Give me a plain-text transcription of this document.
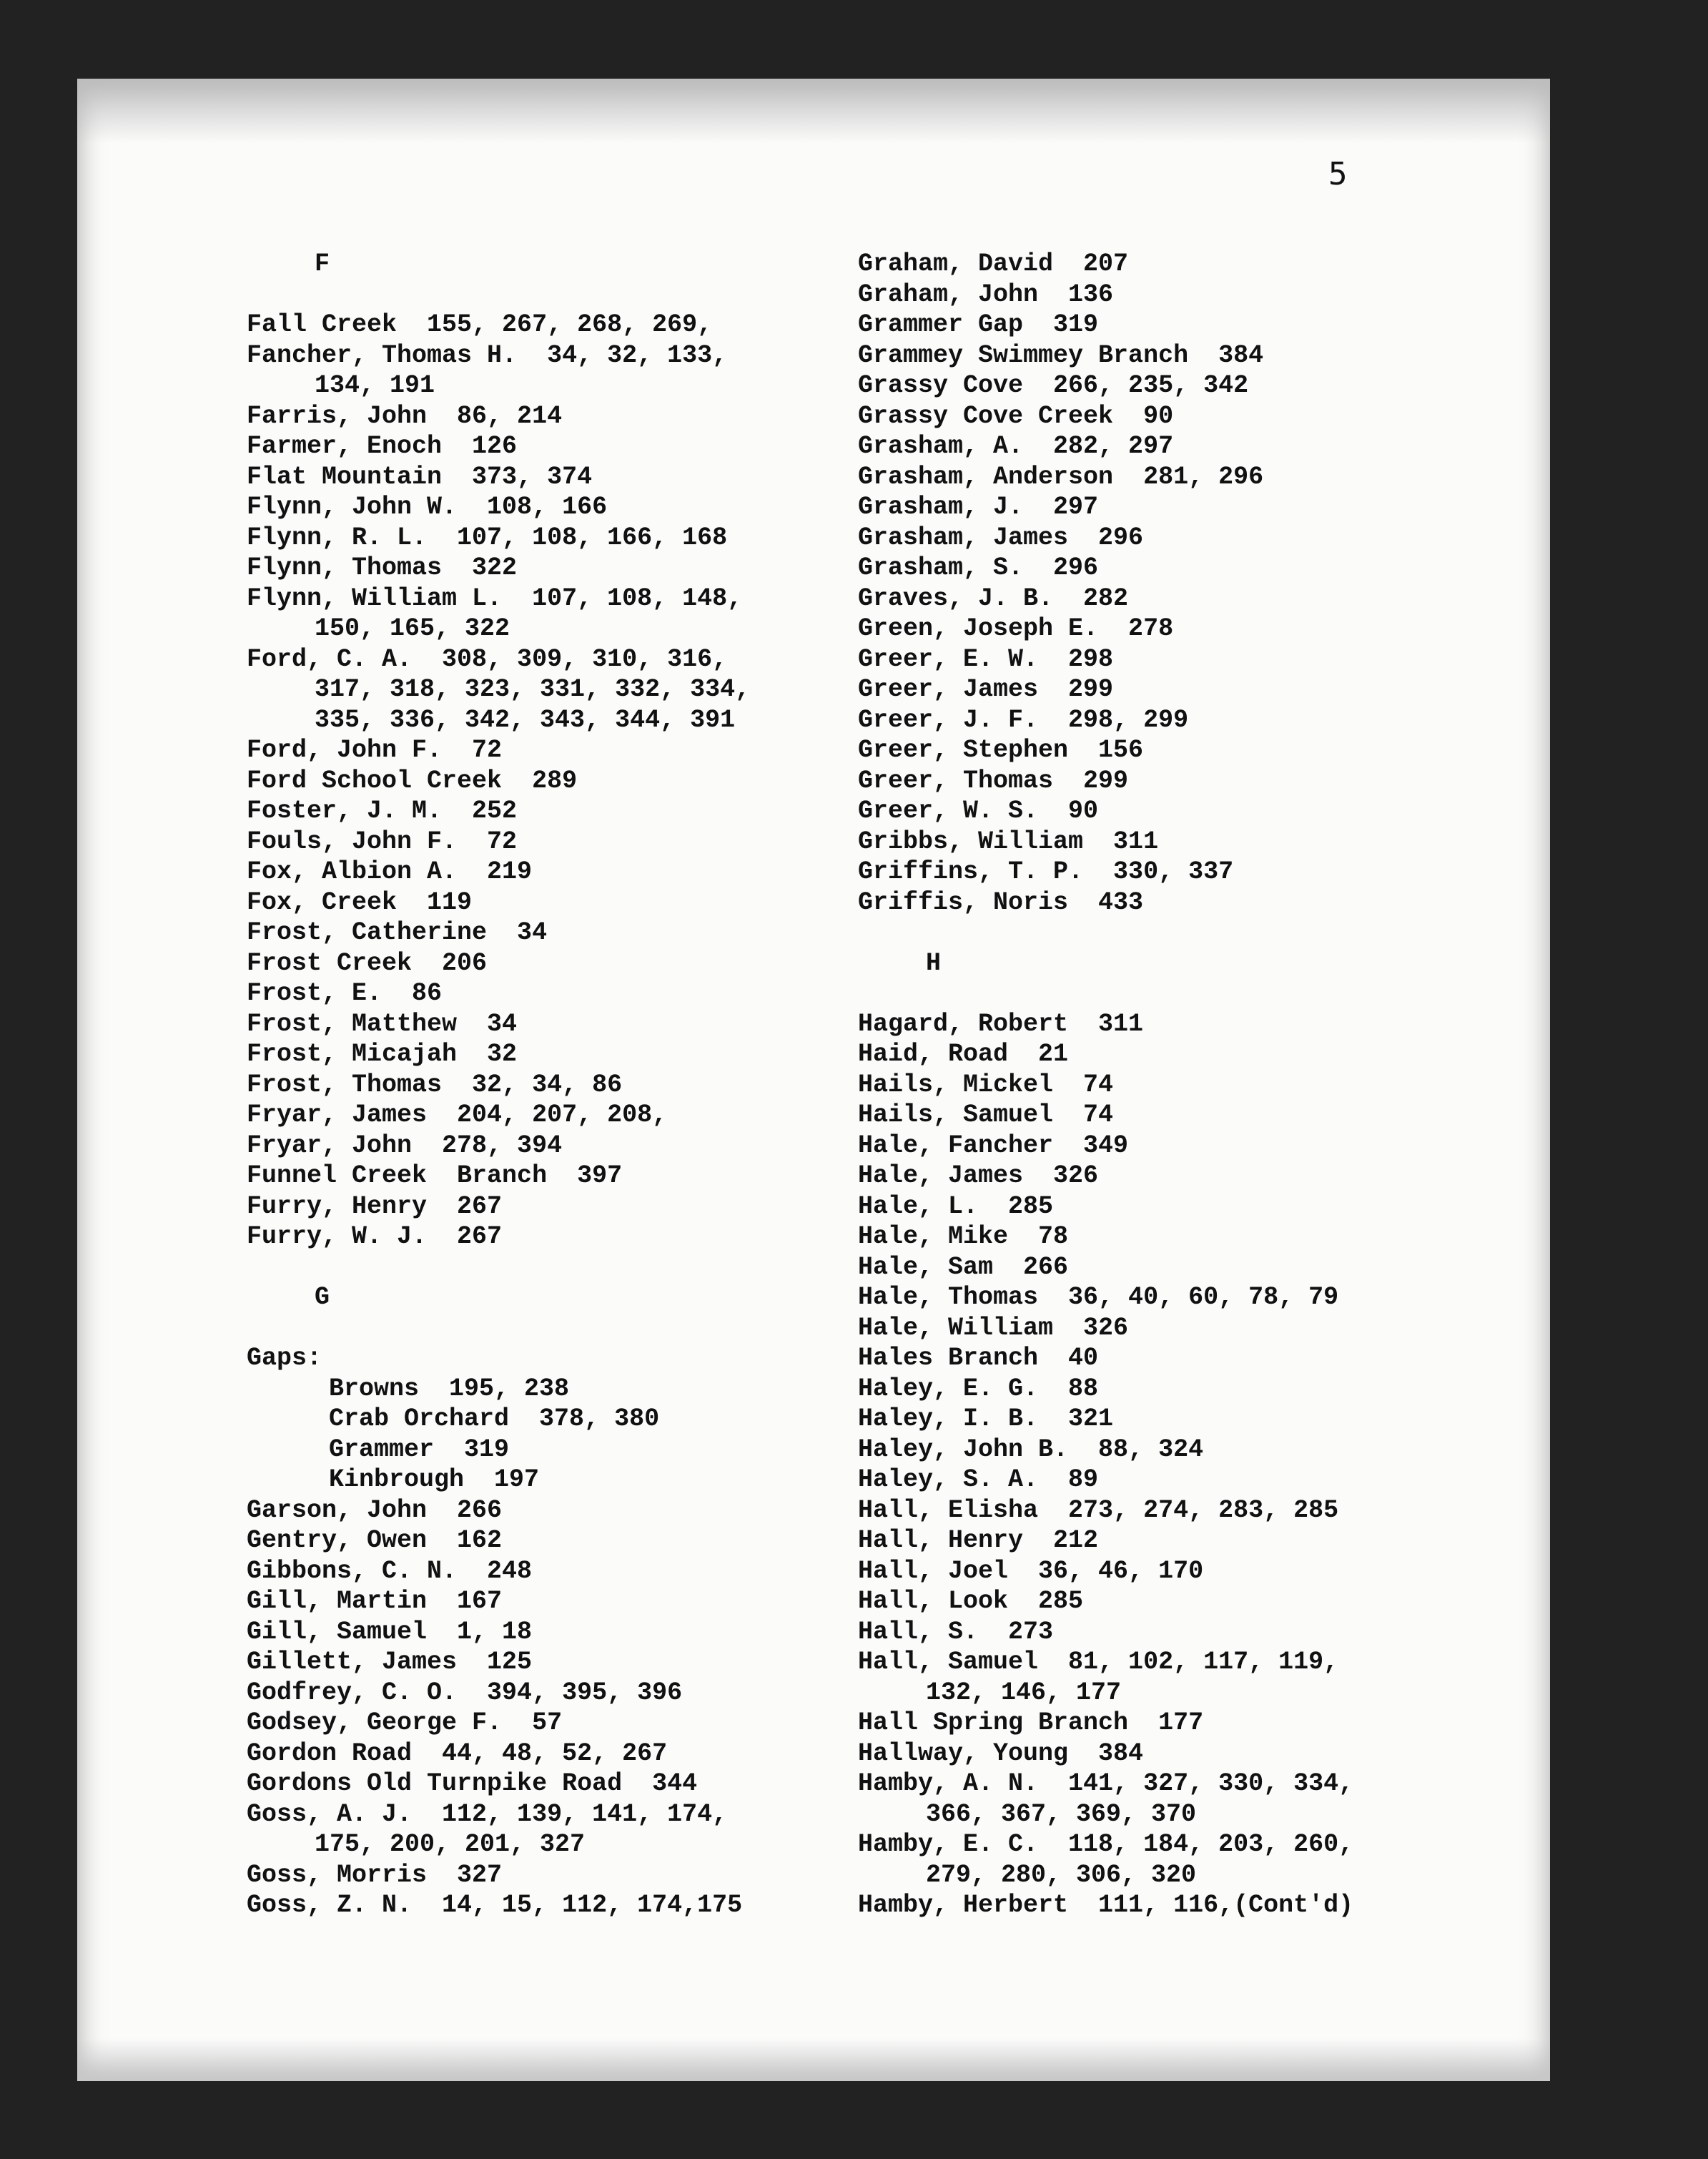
5
F
Fall Creek  155, 267, 268, 269,
Fancher, Thomas H.  34, 32, 133,
134, 191
Farris, John  86, 214
Farmer, Enoch  126
Flat Mountain  373, 374
Flynn, John W.  108, 166
Flynn, R. L.  107, 108, 166, 168
Flynn, Thomas  322
Flynn, William L.  107, 108, 148,
150, 165, 322
Ford, C. A.  308, 309, 310, 316,
317, 318, 323, 331, 332, 334,
335, 336, 342, 343, 344, 391
Ford, John F.  72
Ford School Creek  289
Foster, J. M.  252
Fouls, John F.  72
Fox, Albion A.  219
Fox, Creek  119
Frost, Catherine  34
Frost Creek  206
Frost, E.  86
Frost, Matthew  34
Frost, Micajah  32
Frost, Thomas  32, 34, 86
Fryar, James  204, 207, 208,
Fryar, John  278, 394
Funnel Creek  Branch  397
Furry, Henry  267
Furry, W. J.  267
G
Gaps:
Browns  195, 238
Crab Orchard  378, 380
Grammer  319
Kinbrough  197
Garson, John  266
Gentry, Owen  162
Gibbons, C. N.  248
Gill, Martin  167
Gill, Samuel  1, 18
Gillett, James  125
Godfrey, C. O.  394, 395, 396
Godsey, George F.  57
Gordon Road  44, 48, 52, 267
Gordons Old Turnpike Road  344
Goss, A. J.  112, 139, 141, 174,
175, 200, 201, 327
Goss, Morris  327
Goss, Z. N.  14, 15, 112, 174,175
Graham, David  207
Graham, John  136
Grammer Gap  319
Grammey Swimmey Branch  384
Grassy Cove  266, 235, 342
Grassy Cove Creek  90
Grasham, A.  282, 297
Grasham, Anderson  281, 296
Grasham, J.  297
Grasham, James  296
Grasham, S.  296
Graves, J. B.  282
Green, Joseph E.  278
Greer, E. W.  298
Greer, James  299
Greer, J. F.  298, 299
Greer, Stephen  156
Greer, Thomas  299
Greer, W. S.  90
Gribbs, William  311
Griffins, T. P.  330, 337
Griffis, Noris  433
H
Hagard, Robert  311
Haid, Road  21
Hails, Mickel  74
Hails, Samuel  74
Hale, Fancher  349
Hale, James  326
Hale, L.  285
Hale, Mike  78
Hale, Sam  266
Hale, Thomas  36, 40, 60, 78, 79
Hale, William  326
Hales Branch  40
Haley, E. G.  88
Haley, I. B.  321
Haley, John B.  88, 324
Haley, S. A.  89
Hall, Elisha  273, 274, 283, 285
Hall, Henry  212
Hall, Joel  36, 46, 170
Hall, Look  285
Hall, S.  273
Hall, Samuel  81, 102, 117, 119,
132, 146, 177
Hall Spring Branch  177
Hallway, Young  384
Hamby, A. N.  141, 327, 330, 334,
366, 367, 369, 370
Hamby, E. C.  118, 184, 203, 260,
279, 280, 306, 320
Hamby, Herbert  111, 116,(Cont'd)
